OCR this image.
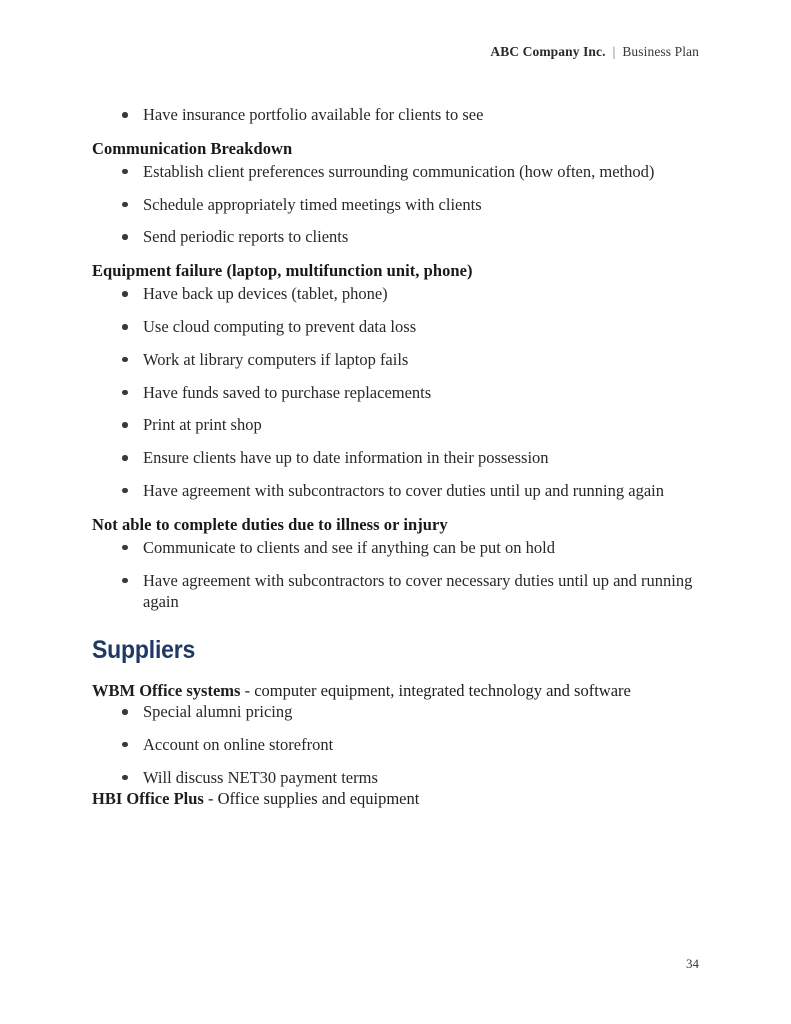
ABC Company Inc. | Business Plan
Have insurance portfolio available for clients to see
Communication Breakdown
Establish client preferences surrounding communication (how often, method)
Schedule appropriately timed meetings with clients
Send periodic reports to clients
Equipment failure (laptop, multifunction unit, phone)
Have back up devices (tablet, phone)
Use cloud computing to prevent data loss
Work at library computers if laptop fails
Have funds saved to purchase replacements
Print at print shop
Ensure clients have up to date information in their possession
Have agreement with subcontractors to cover duties until up and running again
Not able to complete duties due to illness or injury
Communicate to clients and see if anything can be put on hold
Have agreement with subcontractors to cover necessary duties until up and running again
Suppliers

WBM Office systems - computer equipment, integrated technology and software

Special alumni pricing
Account on online storefront
Will discuss NET30 payment terms

HBI Office Plus - Office supplies and equipment

34
